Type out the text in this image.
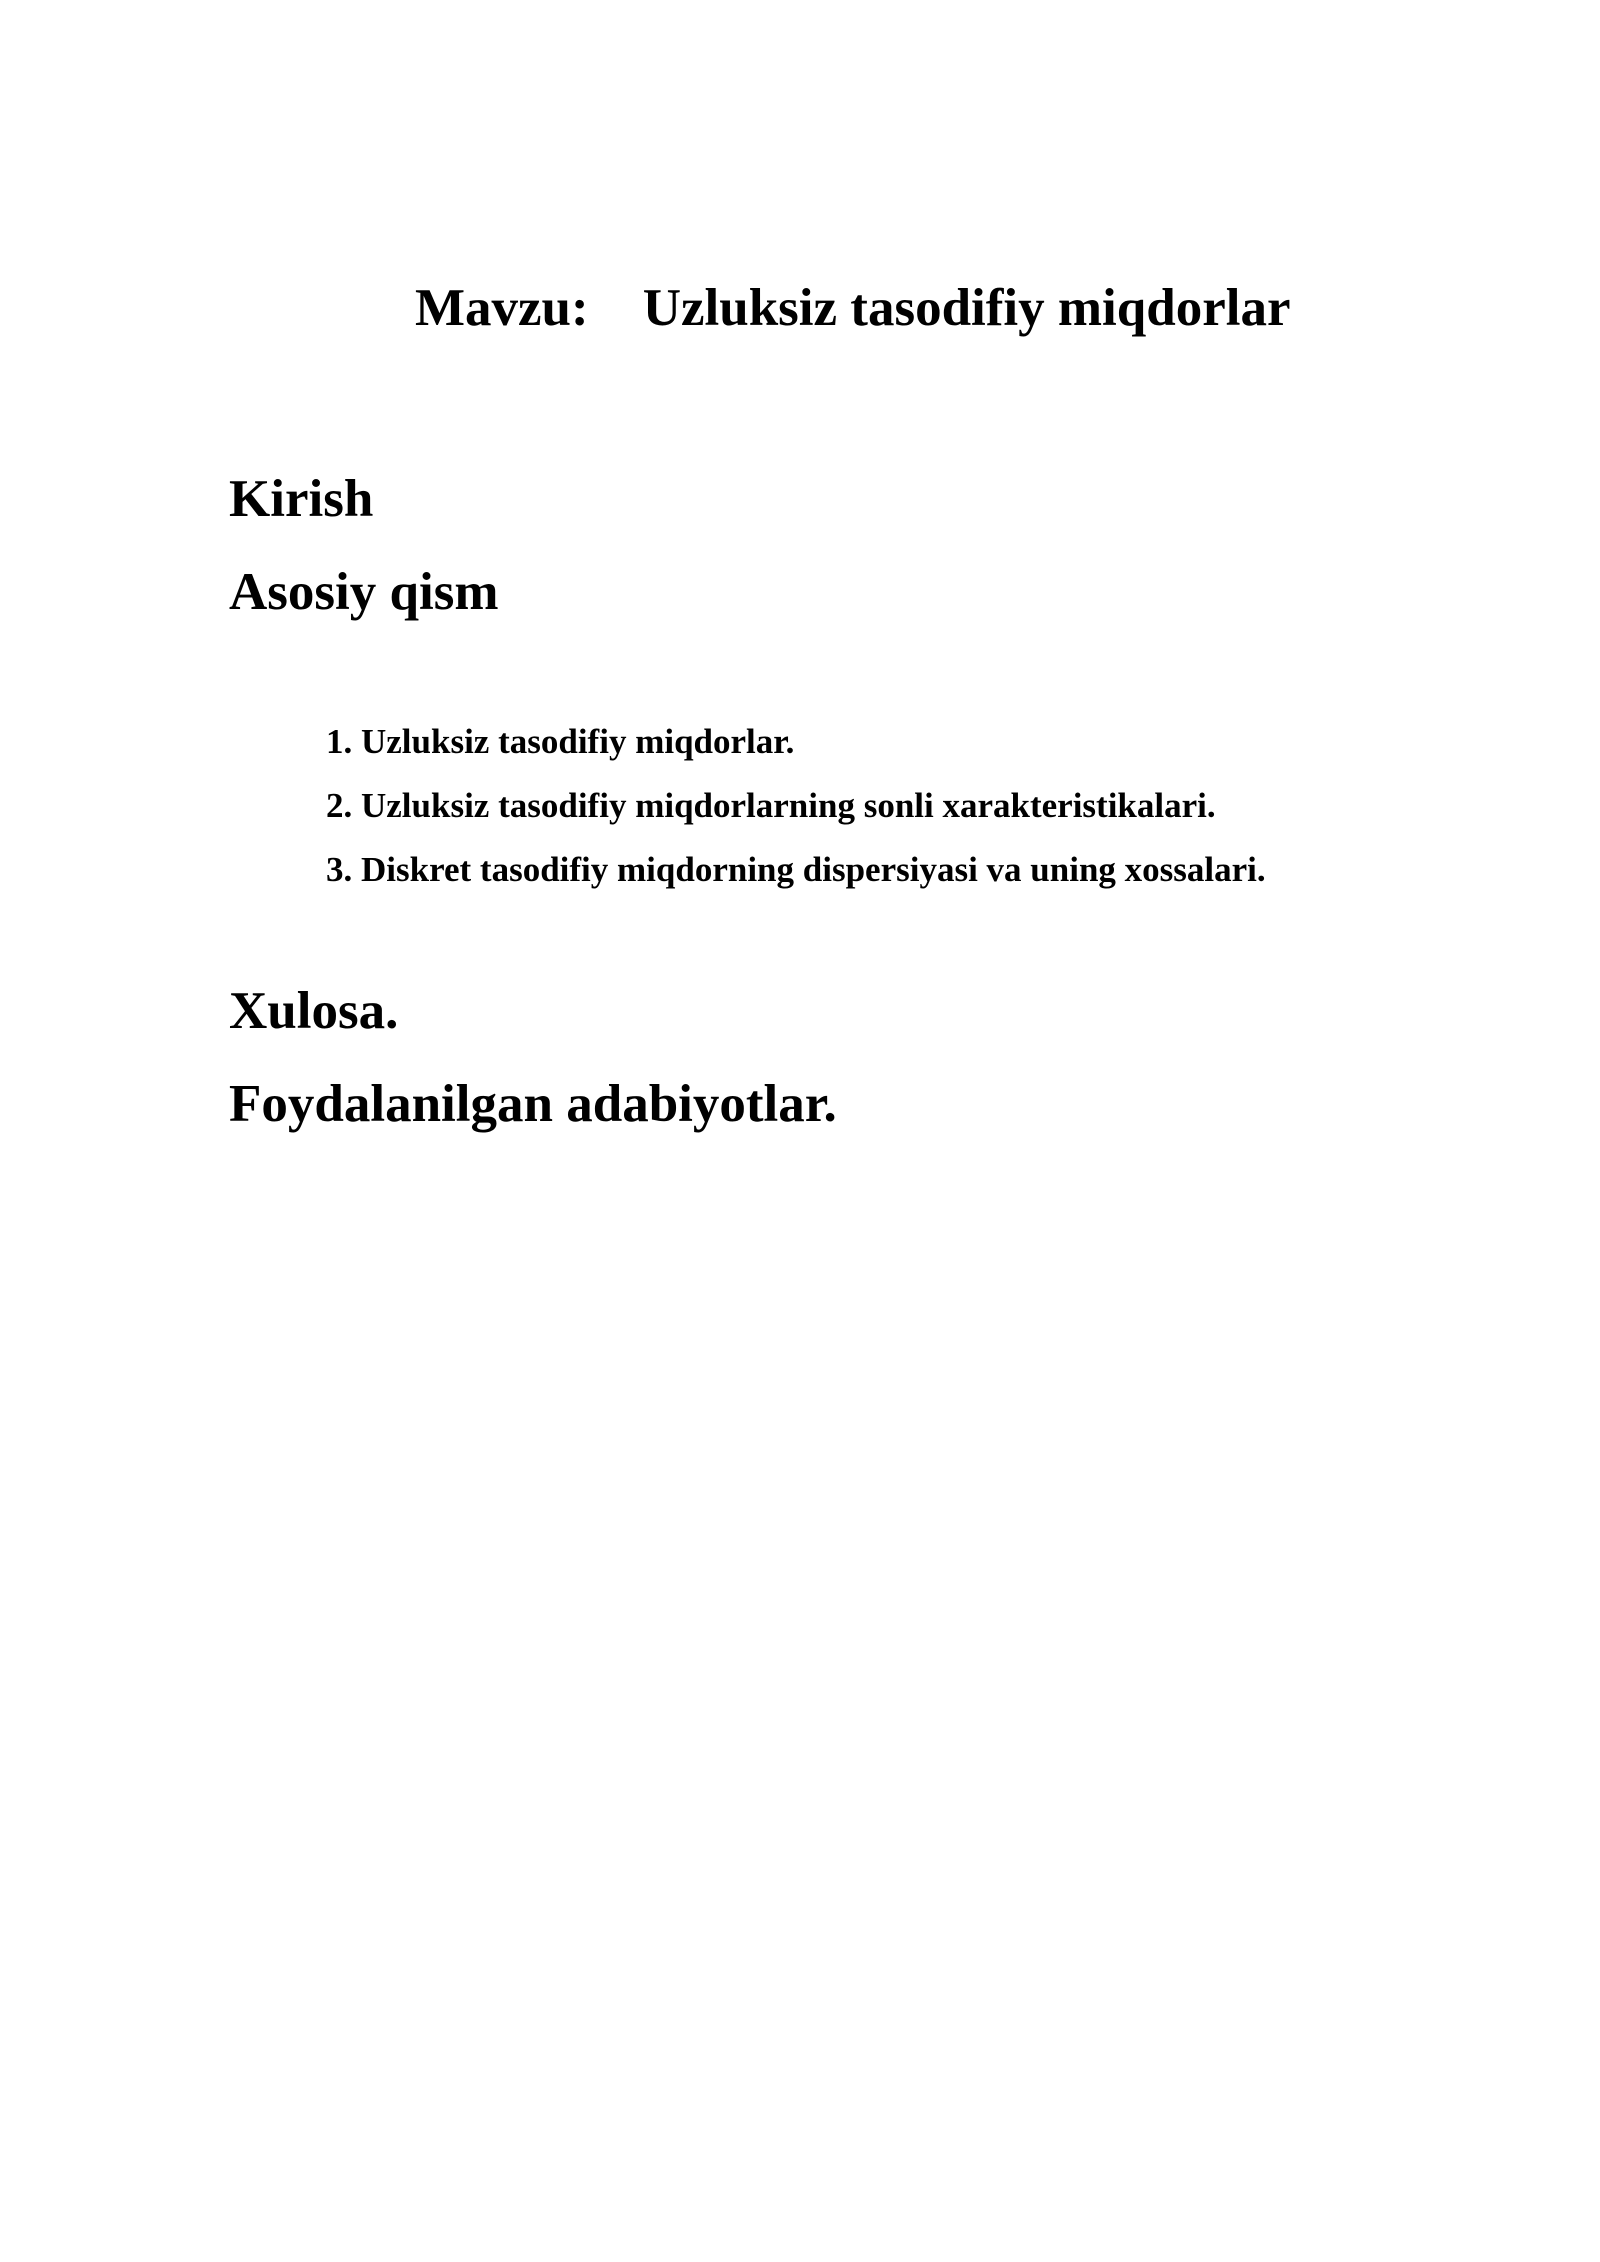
Mavzu: Uzluksiz tasodifiy miqdorlar
Kirish
Asosiy qism
1. Uzluksiz tasodifiy miqdorlar.
2. Uzluksiz tasodifiy miqdorlarning sonli xarakteristikalari.
3. Diskret tasodifiy miqdorning dispersiyasi va uning xossalari.
Xulosa.
Foydalanilgan adabiyotlar.
